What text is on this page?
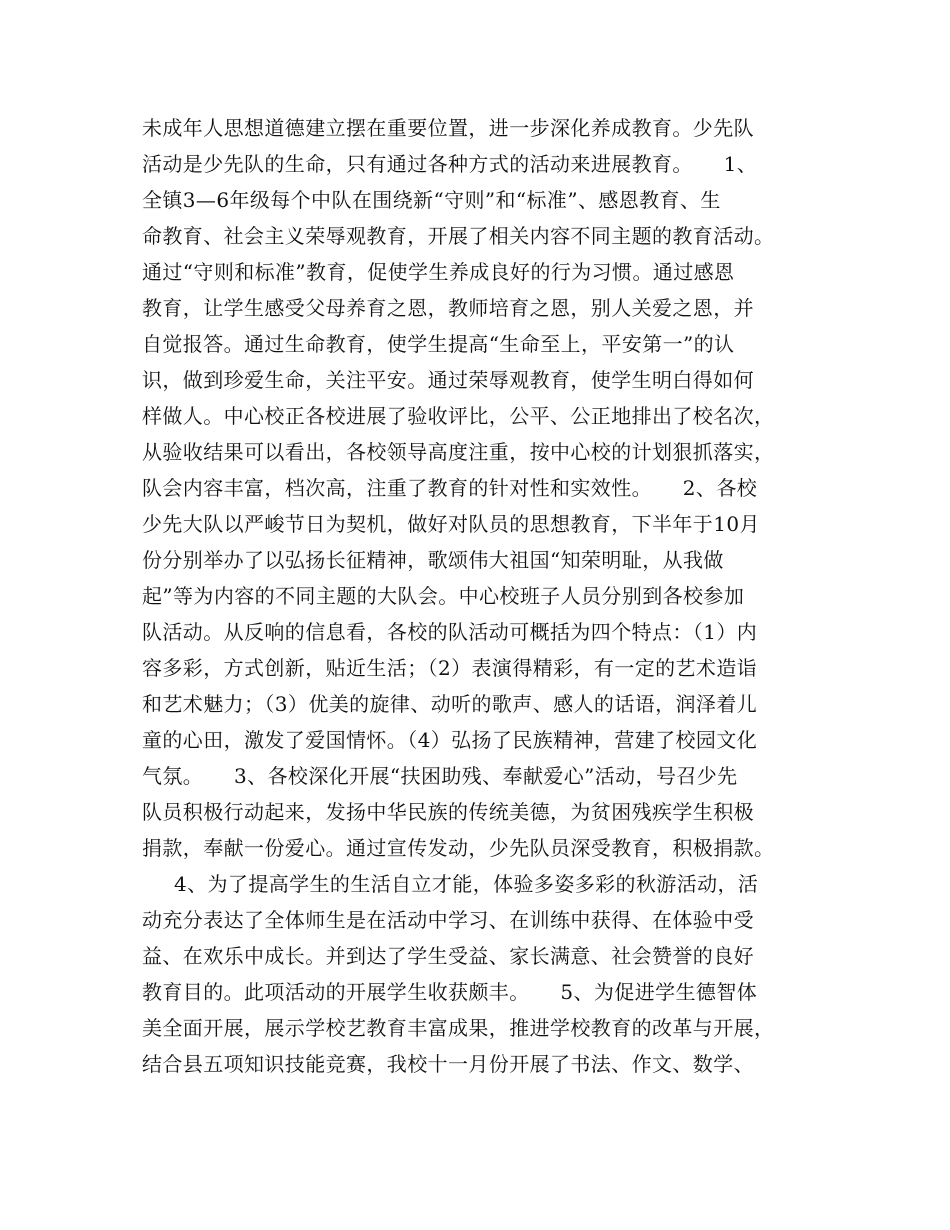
未成年人思想道德建立摆在重要位置，进一步深化养成教育。少先队
活动是少先队的生命，只有通过各种方式的活动来进展教育。　　1、
全镇3—6年级每个中队在围绕新“守则”和“标准”、感恩教育、生
命教育、社会主义荣辱观教育，开展了相关内容不同主题的教育活动。
通过“守则和标准”教育，促使学生养成良好的行为习惯。通过感恩
教育，让学生感受父母养育之恩，教师培育之恩，别人关爱之恩，并
自觉报答。通过生命教育，使学生提高“生命至上，平安第一”的认
识，做到珍爱生命，关注平安。通过荣辱观教育，使学生明白得如何
样做人。中心校正各校进展了验收评比，公平、公正地排出了校名次，
从验收结果可以看出，各校领导高度注重，按中心校的计划狠抓落实，
队会内容丰富，档次高，注重了教育的针对性和实效性。　　2、各校
少先大队以严峻节日为契机，做好对队员的思想教育，下半年于10月
份分别举办了以弘扬长征精神，歌颂伟大祖国“知荣明耻，从我做
起”等为内容的不同主题的大队会。中心校班子人员分别到各校参加
队活动。从反响的信息看，各校的队活动可概括为四个特点：（1）内
容多彩，方式创新，贴近生活；（2）表演得精彩，有一定的艺术造诣
和艺术魅力；（3）优美的旋律、动听的歌声、感人的话语，润泽着儿
童的心田，激发了爱国情怀。（4）弘扬了民族精神，营建了校园文化
气氛。　　3、各校深化开展“扶困助残、奉献爱心”活动，号召少先
队员积极行动起来，发扬中华民族的传统美德，为贫困残疾学生积极
捐款，奉献一份爱心。通过宣传发动，少先队员深受教育，积极捐款。
4、为了提高学生的生活自立才能，体验多姿多彩的秋游活动，活
动充分表达了全体师生是在活动中学习、在训练中获得、在体验中受
益、在欢乐中成长。并到达了学生受益、家长满意、社会赞誉的良好
教育目的。此项活动的开展学生收获颇丰。　　5、为促进学生德智体
美全面开展，展示学校艺教育丰富成果，推进学校教育的改革与开展，
结合县五项知识技能竞赛，我校十一月份开展了书法、作文、数学、
